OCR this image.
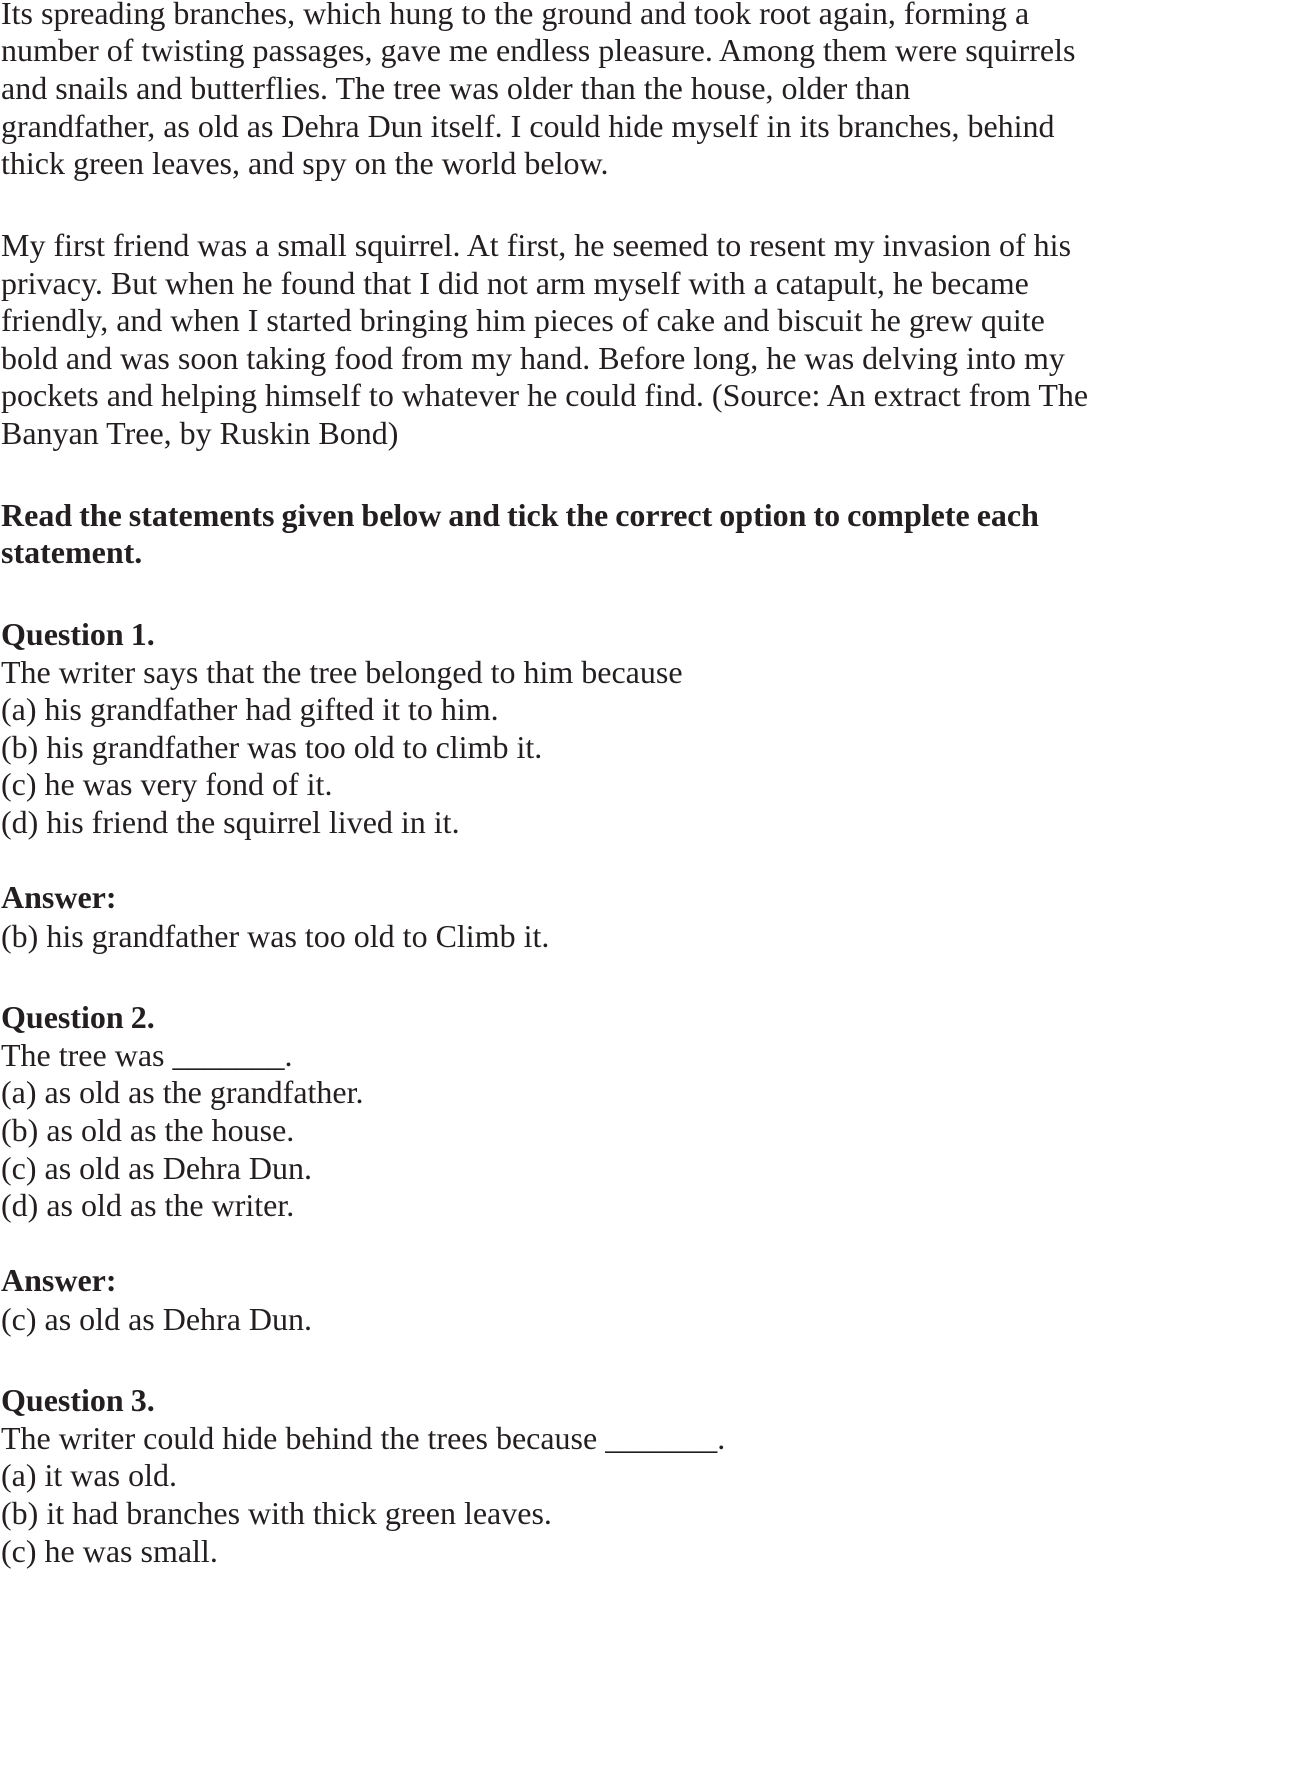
Its spreading branches, which hung to the ground and took root again, forming a
number of twisting passages, gave me endless pleasure. Among them were squirrels
and snails and butterflies. The tree was older than the house, older than
grandfather, as old as Dehra Dun itself. I could hide myself in its branches, behind
thick green leaves, and spy on the world below.
My first friend was a small squirrel. At first, he seemed to resent my invasion of his
privacy. But when he found that I did not arm myself with a catapult, he became
friendly, and when I started bringing him pieces of cake and biscuit he grew quite
bold and was soon taking food from my hand. Before long, he was delving into my
pockets and helping himself to whatever he could find. (Source: An extract from The
Banyan Tree, by Ruskin Bond)
Read the statements given below and tick the correct option to complete each
statement.
Question 1.
The writer says that the tree belonged to him because
(a) his grandfather had gifted it to him.
(b) his grandfather was too old to climb it.
(c) he was very fond of it.
(d) his friend the squirrel lived in it.
Answer:
(b) his grandfather was too old to Climb it.
Question 2.
The tree was _______.
(a) as old as the grandfather.
(b) as old as the house.
(c) as old as Dehra Dun.
(d) as old as the writer.
Answer:
(c) as old as Dehra Dun.
Question 3.
The writer could hide behind the trees because _______.
(a) it was old.
(b) it had branches with thick green leaves.
(c) he was small.
